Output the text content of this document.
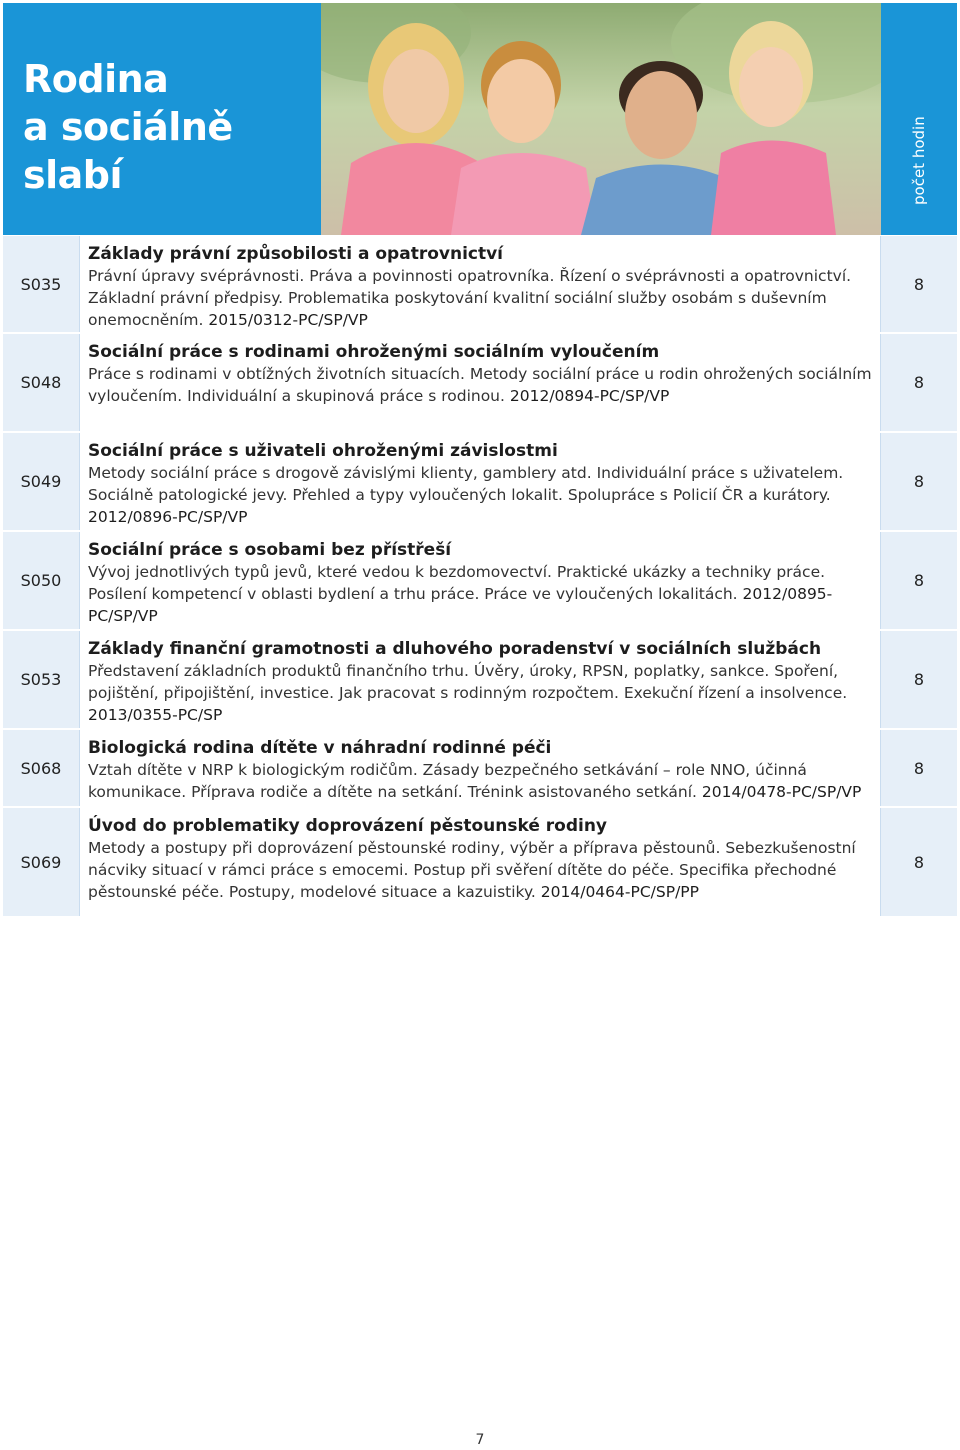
Rodina
a sociálně
slabí	počet hodin
S035
Základy právní způsobilosti a opatrovnictví
Právní úpravy svéprávnosti. Práva a povinnosti opatrovníka. Řízení o svéprávnosti a opatrovnictví. Základní právní předpisy. Problematika poskytování kvalitní sociální služby osobám s duševním onemocněním. 2015/0312-PC/SP/VP
8
S048
Sociální práce s rodinami ohroženými sociálním vyloučením
Práce s rodinami v obtížných životních situacích. Metody sociální práce u rodin ohrožených sociálním vyloučením. Individuální a skupinová práce s rodinou. 2012/0894-PC/SP/VP
8
S049
Sociální práce s uživateli ohroženými závislostmi
Metody sociální práce s drogově závislými klienty, gamblery atd. Individuální práce s uživatelem. Sociálně patologické jevy. Přehled a typy vyloučených lokalit. Spolupráce s Policií ČR a kurátory. 2012/0896-PC/SP/VP
8
S050
Sociální práce s osobami bez přístřeší
Vývoj jednotlivých typů jevů, které vedou k bezdomovectví. Praktické ukázky a techniky práce. Posílení kompetencí v oblasti bydlení a trhu práce. Práce ve vyloučených lokalitách. 2012/0895-PC/SP/VP
8
S053
Základy finanční gramotnosti a dluhového poradenství v sociálních službách
Představení základních produktů finančního trhu. Úvěry, úroky, RPSN, poplatky, sankce. Spoření, pojištění, připojištění, investice. Jak pracovat s rodinným rozpočtem. Exekuční řízení a insolvence. 2013/0355-PC/SP
8
S068
Biologická rodina dítěte v náhradní rodinné péči
Vztah dítěte v NRP k biologickým rodičům. Zásady bezpečného setkávání – role NNO, účinná komunikace. Příprava rodiče a dítěte na setkání. Trénink asistovaného setkání. 2014/0478-PC/SP/VP
8
S069
Úvod do problematiky doprovázení pěstounské rodiny
Metody a postupy při doprovázení pěstounské rodiny, výběr a příprava pěstounů. Sebezkušenostní nácviky situací v rámci práce s emocemi. Postup při svěření dítěte do péče. Specifika přechodné pěstounské péče. Postupy, modelové situace a kazuistiky. 2014/0464-PC/SP/PP
8
7
